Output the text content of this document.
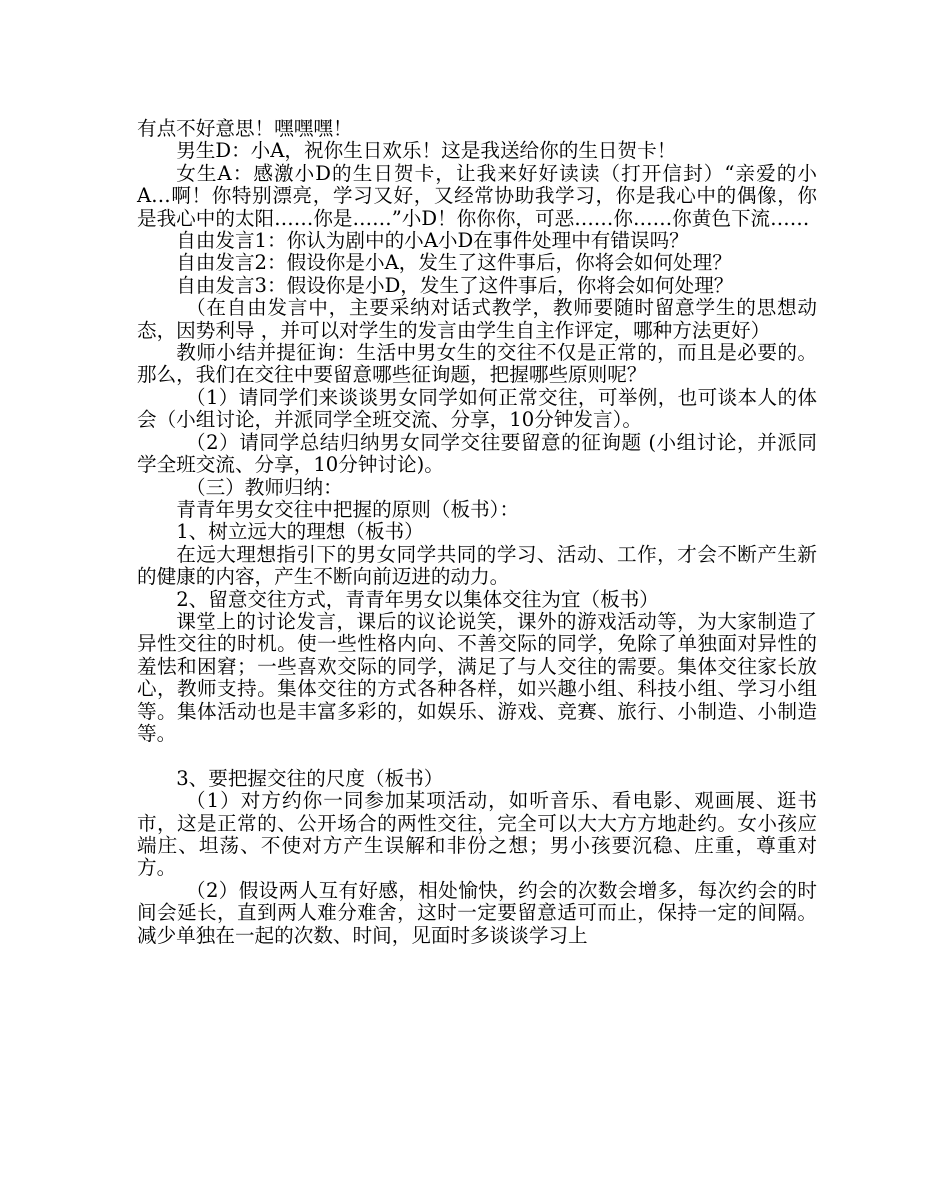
有点不好意思！嘿嘿嘿！

男生D：小A，祝你生日欢乐！这是我送给你的生日贺卡！

女生A：感激小D的生日贺卡，让我来好好读读（打开信封）“亲爱的小A…啊！你特别漂亮，学习又好，又经常协助我学习，你是我心中的偶像，你是我心中的太阳……你是……”小D！你你你，可恶……你……你黄色下流……

自由发言1：你认为剧中的小A小D在事件处理中有错误吗？

自由发言2：假设你是小A，发生了这件事后，你将会如何处理？

自由发言3：假设你是小D，发生了这件事后，你将会如何处理？

（在自由发言中，主要采纳对话式教学，教师要随时留意学生的思想动态，因势利导 ，并可以对学生的发言由学生自主作评定，哪种方法更好）

教师小结并提征询：生活中男女生的交往不仅是正常的，而且是必要的。那么，我们在交往中要留意哪些征询题，把握哪些原则呢？

（1）请同学们来谈谈男女同学如何正常交往，可举例，也可谈本人的体会（小组讨论，并派同学全班交流、分享，10分钟发言）。

（2）请同学总结归纳男女同学交往要留意的征询题 (小组讨论，并派同学全班交流、分享，10分钟讨论)。

（三）教师归纳：

青青年男女交往中把握的原则（板书）：

1、树立远大的理想（板书）

在远大理想指引下的男女同学共同的学习、活动、工作，才会不断产生新的健康的内容，产生不断向前迈进的动力。

2、留意交往方式，青青年男女以集体交往为宜（板书）

课堂上的讨论发言，课后的议论说笑，课外的游戏活动等，为大家制造了异性交往的时机。使一些性格内向、不善交际的同学，免除了单独面对异性的羞怯和困窘；一些喜欢交际的同学，满足了与人交往的需要。集体交往家长放心，教师支持。集体交往的方式各种各样，如兴趣小组、科技小组、学习小组等。集体活动也是丰富多彩的，如娱乐、游戏、竞赛、旅行、小制造、小制造等。

3、要把握交往的尺度（板书）

（1）对方约你一同参加某项活动，如听音乐、看电影、观画展、逛书市，这是正常的、公开场合的两性交往，完全可以大大方方地赴约。女小孩应端庄、坦荡、不使对方产生误解和非份之想；男小孩要沉稳、庄重，尊重对方。

（2）假设两人互有好感，相处愉快，约会的次数会增多，每次约会的时间会延长，直到两人难分难舍，这时一定要留意适可而止，保持一定的间隔。减少单独在一起的次数、时间，见面时多谈谈学习上
